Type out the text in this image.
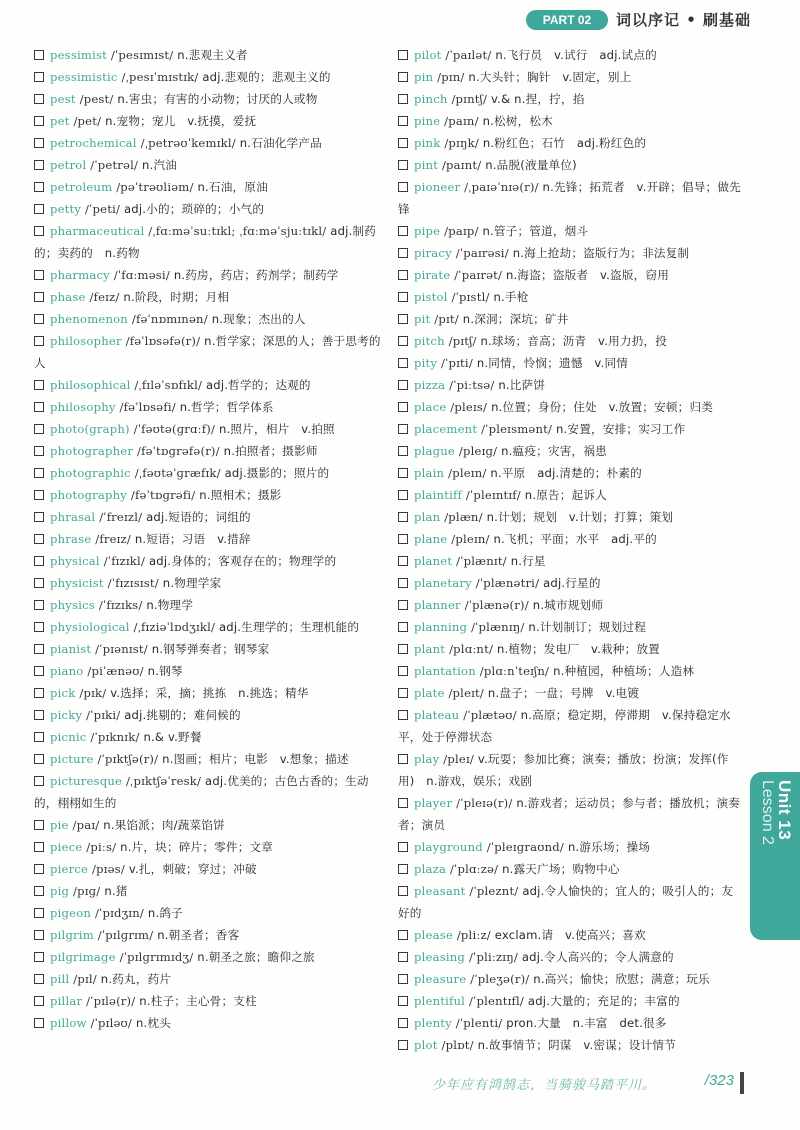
PART 02	词以序记 • 刷基础
pessimist /ˈpesɪmɪst/ n.悲观主义者
pessimistic /ˌpesɪˈmɪstɪk/ adj.悲观的；悲观主义的
pest /pest/ n.害虫；有害的小动物；讨厌的人或物
pet /pet/ n.宠物；宠儿　v.抚摸，爱抚
petrochemical /ˌpetrəʊˈkemɪkl/ n.石油化学产品
petrol /ˈpetrəl/ n.汽油
petroleum /pəˈtrəʊliəm/ n.石油，原油
petty /ˈpeti/ adj.小的；琐碎的；小气的
pharmaceutical /ˌfɑːməˈsuːtɪkl; ˌfɑːməˈsjuːtɪkl/ adj.制药的；卖药的　n.药物
pharmacy /ˈfɑːməsi/ n.药房，药店；药剂学；制药学
phase /feɪz/ n.阶段，时期；月相
phenomenon /fəˈnɒmɪnən/ n.现象；杰出的人
philosopher /fəˈlɒsəfə(r)/ n.哲学家；深思的人；善于思考的人
philosophical /ˌfɪləˈsɒfɪkl/ adj.哲学的；达观的
philosophy /fəˈlɒsəfi/ n.哲学；哲学体系
photo(graph) /ˈfəʊtə(ɡrɑːf)/ n.照片，相片　v.拍照
photographer /fəˈtɒɡrəfə(r)/ n.拍照者；摄影师
photographic /ˌfəʊtəˈɡræfɪk/ adj.摄影的；照片的
photography /fəˈtɒɡrəfi/ n.照相术；摄影
phrasal /ˈfreɪzl/ adj.短语的；词组的
phrase /freɪz/ n.短语；习语　v.措辞
physical /ˈfɪzɪkl/ adj.身体的；客观存在的；物理学的
physicist /ˈfɪzɪsɪst/ n.物理学家
physics /ˈfɪzɪks/ n.物理学
physiological /ˌfɪziəˈlɒdʒɪkl/ adj.生理学的；生理机能的
pianist /ˈpɪənɪst/ n.钢琴弹奏者；钢琴家
piano /piˈænəʊ/ n.钢琴
pick /pɪk/ v.选择；采，摘；挑拣　n.挑选；精华
picky /ˈpɪki/ adj.挑剔的；难伺候的
picnic /ˈpɪknɪk/ n.& v.野餐
picture /ˈpɪktʃə(r)/ n.图画；相片；电影　v.想象；描述
picturesque /ˌpɪktʃəˈresk/ adj.优美的；古色古香的；生动的，栩栩如生的
pie /paɪ/ n.果馅派；肉/蔬菜馅饼
piece /piːs/ n.片，块；碎片；零件；文章
pierce /pɪəs/ v.扎，刺破；穿过；冲破
pig /pɪɡ/ n.猪
pigeon /ˈpɪdʒɪn/ n.鸽子
pilgrim /ˈpɪlɡrɪm/ n.朝圣者；香客
pilgrimage /ˈpɪlɡrɪmɪdʒ/ n.朝圣之旅；瞻仰之旅
pill /pɪl/ n.药丸，药片
pillar /ˈpɪlə(r)/ n.柱子；主心骨；支柱
pillow /ˈpɪləʊ/ n.枕头
pilot /ˈpaɪlət/ n.飞行员　v.试行　adj.试点的
pin /pɪn/ n.大头针；胸针　v.固定，别上
pinch /pɪntʃ/ v.& n.捏，拧，掐
pine /paɪn/ n.松树，松木
pink /pɪŋk/ n.粉红色；石竹　adj.粉红色的
pint /paɪnt/ n.品脱(液量单位)
pioneer /ˌpaɪəˈnɪə(r)/ n.先锋；拓荒者　v.开辟；倡导；做先锋
pipe /paɪp/ n.管子；管道，烟斗
piracy /ˈpaɪrəsi/ n.海上抢劫；盗版行为；非法复制
pirate /ˈpaɪrət/ n.海盗；盗版者　v.盗版，窃用
pistol /ˈpɪstl/ n.手枪
pit /pɪt/ n.深洞；深坑；矿井
pitch /pɪtʃ/ n.球场；音高；沥青　v.用力扔，投
pity /ˈpɪti/ n.同情，怜悯；遗憾　v.同情
pizza /ˈpiːtsə/ n.比萨饼
place /pleɪs/ n.位置；身份；住处　v.放置；安顿；归类
placement /ˈpleɪsmənt/ n.安置，安排；实习工作
plague /pleɪɡ/ n.瘟疫；灾害，祸患
plain /pleɪn/ n.平原　adj.清楚的；朴素的
plaintiff /ˈpleɪntɪf/ n.原告；起诉人
plan /plæn/ n.计划；规划　v.计划；打算；策划
plane /pleɪn/ n.飞机；平面；水平　adj.平的
planet /ˈplænɪt/ n.行星
planetary /ˈplænətri/ adj.行星的
planner /ˈplænə(r)/ n.城市规划师
planning /ˈplænɪŋ/ n.计划制订；规划过程
plant /plɑːnt/ n.植物；发电厂　v.栽种；放置
plantation /plɑːnˈteɪʃn/ n.种植园，种植场；人造林
plate /pleɪt/ n.盘子；一盘；号牌　v.电镀
plateau /ˈplætəʊ/ n.高原；稳定期，停滞期　v.保持稳定水平，处于停滞状态
play /pleɪ/ v.玩耍；参加比赛；演奏；播放；扮演；发挥(作用)　n.游戏，娱乐；戏剧
player /ˈpleɪə(r)/ n.游戏者；运动员；参与者；播放机；演奏者；演员
playground /ˈpleɪɡraʊnd/ n.游乐场；操场
plaza /ˈplɑːzə/ n.露天广场；购物中心
pleasant /ˈpleznt/ adj.令人愉快的；宜人的；吸引人的；友好的
please /pliːz/ exclam.请　v.使高兴；喜欢
pleasing /ˈpliːzɪŋ/ adj.令人高兴的；令人满意的
pleasure /ˈpleʒə(r)/ n.高兴；愉快；欣慰；满意；玩乐
plentiful /ˈplentɪfl/ adj.大量的；充足的；丰富的
plenty /ˈplenti/ pron.大量　n.丰富　det.很多
plot /plɒt/ n.故事情节；阴谋　v.密谋；设计情节
Unit 13
Lesson 2
少年应有鸿鹄志，当骑骏马踏平川。	/323
